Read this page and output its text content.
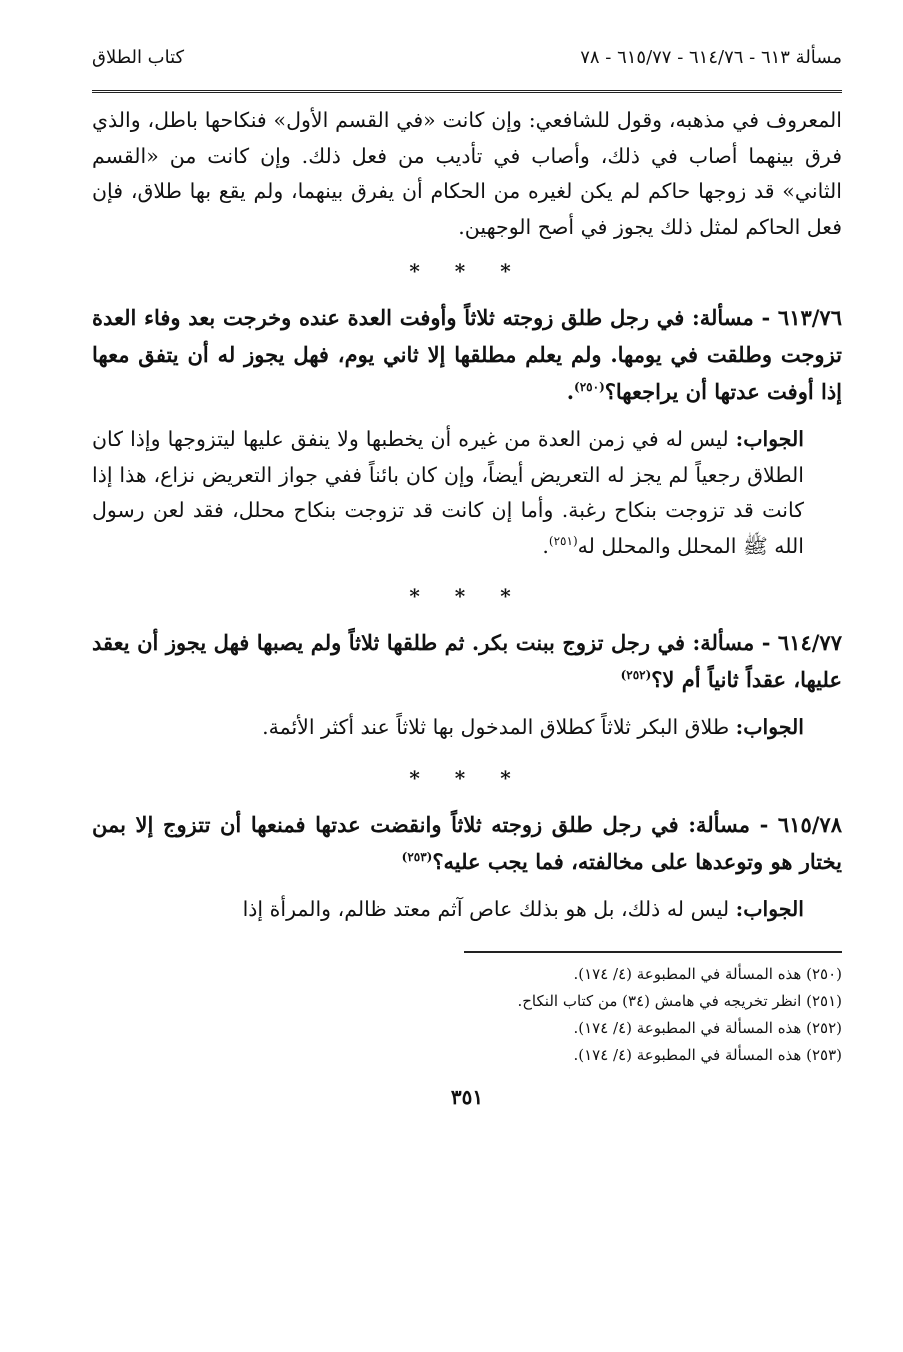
مسألة ٦١٣ - ٦١٤/٧٦ - ٦١٥/٧٧ - ٧٨
كتاب الطلاق

المعروف في مذهبه، وقول للشافعي: وإن كانت «في القسم الأول» فنكاحها باطل، والذي فرق بينهما أصاب في ذلك، وأصاب في تأديب من فعل ذلك. وإن كانت من «القسم الثاني» قد زوجها حاكم لم يكن لغيره من الحكام أن يفرق بينهما، ولم يقع بها طلاق، فإن فعل الحاكم لمثل ذلك يجوز في أصح الوجهين.

* * *

٦١٣/٧٦ - مسألة: في رجل طلق زوجته ثلاثاً وأوفت العدة عنده وخرجت بعد وفاء العدة تزوجت وطلقت في يومها. ولم يعلم مطلقها إلا ثاني يوم، فهل يجوز له أن يتفق معها إذا أوفت عدتها أن يراجعها؟$^{(٢٥٠)}$.

الجواب: ليس له في زمن العدة من غيره أن يخطبها ولا ينفق عليها ليتزوجها وإذا كان الطلاق رجعياً لم يجز له التعريض أيضاً، وإن كان بائناً ففي جواز التعريض نزاع، هذا إذا كانت قد تزوجت بنكاح رغبة. وأما إن كانت قد تزوجت بنكاح محلل، فقد لعن رسول الله ﷺ المحلل والمحلل له$^{(٢٥١)}$.

* * *

٦١٤/٧٧ - مسألة: في رجل تزوج ببنت بكر. ثم طلقها ثلاثاً ولم يصبها فهل يجوز أن يعقد عليها، عقداً ثانياً أم لا؟$^{(٢٥٢)}$

الجواب: طلاق البكر ثلاثاً كطلاق المدخول بها ثلاثاً عند أكثر الأئمة.

* * *

٦١٥/٧٨ - مسألة: في رجل طلق زوجته ثلاثاً وانقضت عدتها فمنعها أن تتزوج إلا بمن يختار هو وتوعدها على مخالفته، فما يجب عليه؟$^{(٢٥٣)}$

الجواب: ليس له ذلك، بل هو بذلك عاص آثم معتد ظالم، والمرأة إذا

(٢٥٠) هذه المسألة في المطبوعة (٤/ ١٧٤).
(٢٥١) انظر تخريجه في هامش (٣٤) من كتاب النكاح.
(٢٥٢) هذه المسألة في المطبوعة (٤/ ١٧٤).
(٢٥٣) هذه المسألة في المطبوعة (٤/ ١٧٤).
٣٥١
